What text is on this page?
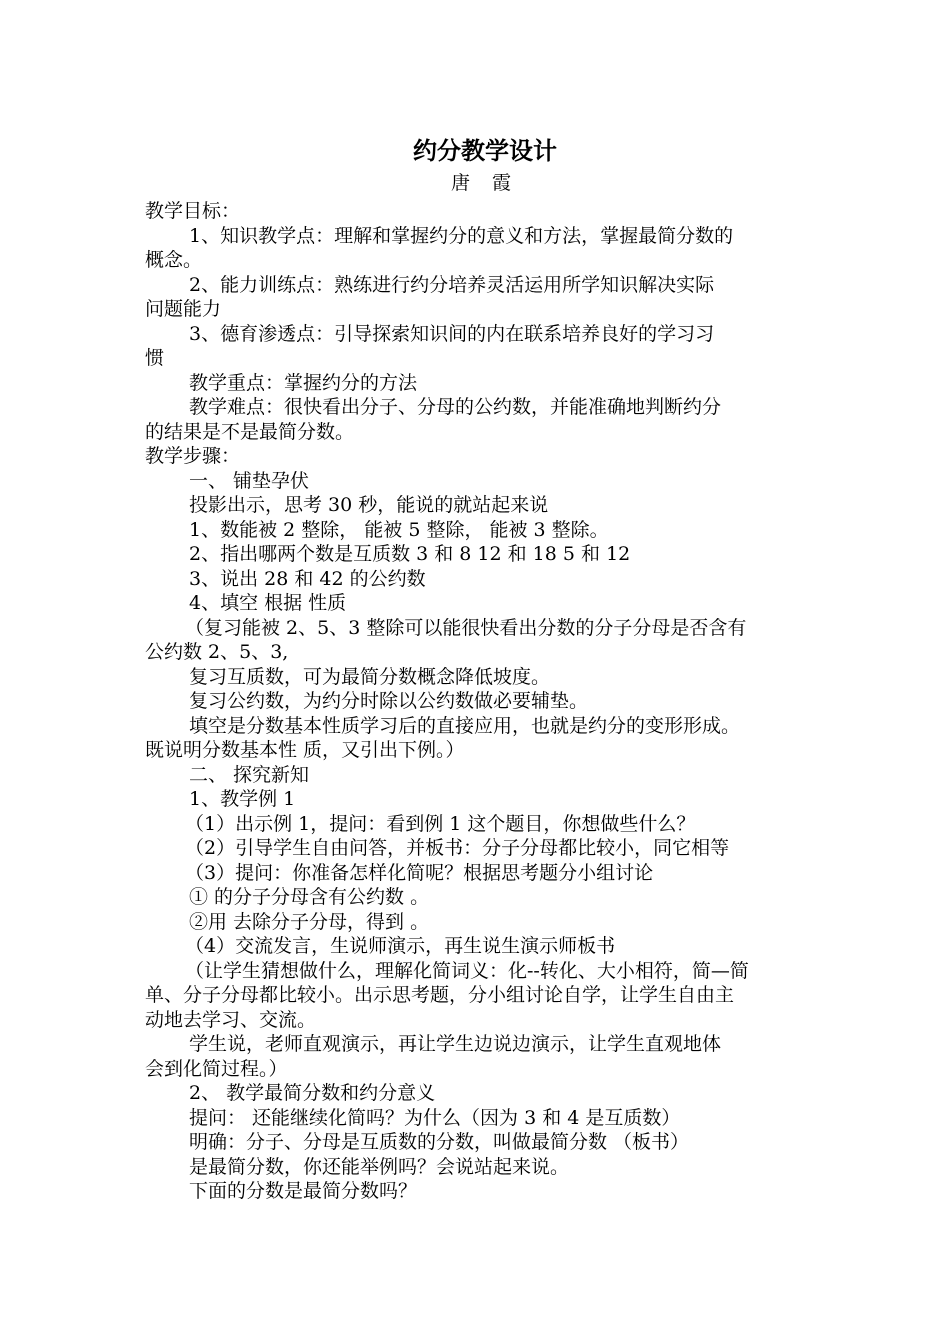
约分教学设计
唐 霞
教学目标：
1、知识教学点：理解和掌握约分的意义和方法，掌握最简分数的
概念。
2、能力训练点：熟练进行约分培养灵活运用所学知识解决实际
问题能力
3、德育渗透点：引导探索知识间的内在联系培养良好的学习习
惯
教学重点：掌握约分的方法
教学难点：很快看出分子、分母的公约数，并能准确地判断约分
的结果是不是最简分数。
教学步骤：
一、 铺垫孕伏
投影出示，思考 30 秒，能说的就站起来说
1、数能被 2 整除， 能被 5 整除， 能被 3 整除。
2、指出哪两个数是互质数 3 和 8 12 和 18 5 和 12
3、说出 28 和 42 的公约数
4、填空 根据 性质
（复习能被 2、5、3 整除可以能很快看出分数的分子分母是否含有
公约数 2、5、3,
复习互质数，可为最简分数概念降低坡度。
复习公约数，为约分时除以公约数做必要辅垫。
填空是分数基本性质学习后的直接应用，也就是约分的变形形成。
既说明分数基本性 质，又引出下例。）
二、 探究新知
1、教学例 1
（1）出示例 1，提问：看到例 1 这个题目，你想做些什么？
（2）引导学生自由问答，并板书：分子分母都比较小，同它相等
（3）提问：你准备怎样化简呢？根据思考题分小组讨论
① 的分子分母含有公约数 。
②用 去除分子分母，得到 。
（4）交流发言，生说师演示，再生说生演示师板书
（让学生猜想做什么，理解化简词义：化--转化、大小相符，简—简
单、分子分母都比较小。出示思考题，分小组讨论自学，让学生自由主
动地去学习、交流。
学生说，老师直观演示，再让学生边说边演示，让学生直观地体
会到化简过程。）
2、 教学最简分数和约分意义
提问： 还能继续化简吗？为什么（因为 3 和 4 是互质数）
明确：分子、分母是互质数的分数，叫做最简分数 （板书）
是最简分数，你还能举例吗？会说站起来说。
下面的分数是最简分数吗？
